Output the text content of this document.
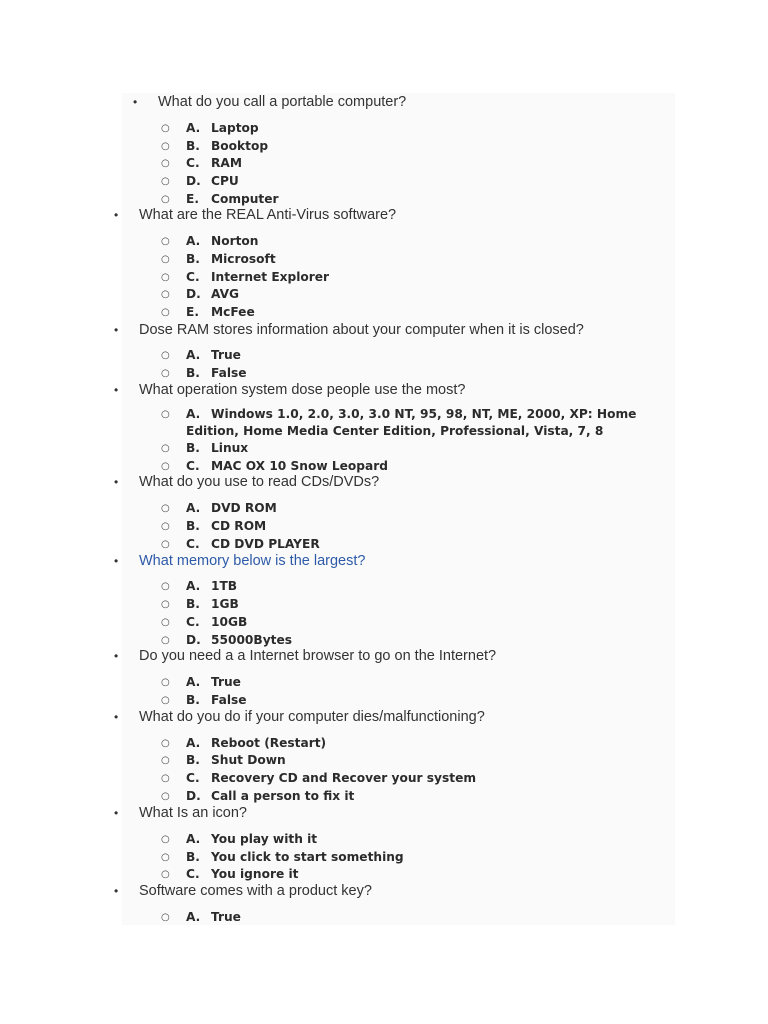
• What do you call a portable computer?
○ A. Laptop
○ B. Booktop
○ C. RAM
○ D. CPU
○ E. Computer
• What are the REAL Anti-Virus software?
○ A. Norton
○ B. Microsoft
○ C. Internet Explorer
○ D. AVG
○ E. McFee
• Dose RAM stores information about your computer when it is closed?
○ A. True
○ B. False
• What operation system dose people use the most?
○ A. Windows 1.0, 2.0, 3.0, 3.0 NT, 95, 98, NT, ME, 2000, XP: Home Edition, Home Media Center Edition, Professional, Vista, 7, 8
○ B. Linux
○ C. MAC OX 10 Snow Leopard
• What do you use to read CDs/DVDs?
○ A. DVD ROM
○ B. CD ROM
○ C. CD DVD PLAYER
• What memory below is the largest?
○ A. 1TB
○ B. 1GB
○ C. 10GB
○ D. 55000Bytes
• Do you need a a Internet browser to go on the Internet?
○ A. True
○ B. False
• What do you do if your computer dies/malfunctioning?
○ A. Reboot (Restart)
○ B. Shut Down
○ C. Recovery CD and Recover your system
○ D. Call a person to fix it
• What Is an icon?
○ A. You play with it
○ B. You click to start something
○ C. You ignore it
• Software comes with a product key?
○ A. True
